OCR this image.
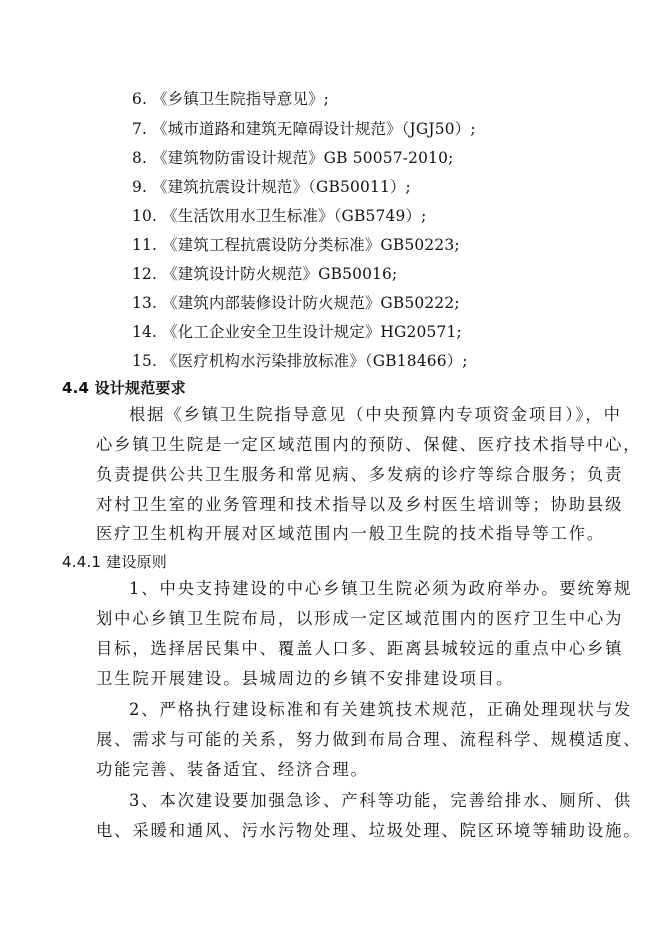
6. 《乡镇卫生院指导意见》;
7. 《城市道路和建筑无障碍设计规范》（JGJ50）;
8. 《建筑物防雷设计规范》GB 50057-2010;
9. 《建筑抗震设计规范》（GB50011）;
10. 《生活饮用水卫生标准》（GB5749）;
11. 《建筑工程抗震设防分类标准》GB50223;
12. 《建筑设计防火规范》GB50016;
13. 《建筑内部装修设计防火规范》GB50222;
14. 《化工企业安全卫生设计规定》HG20571;
15. 《医疗机构水污染排放标准》（GB18466）;
4.4 设计规范要求
根据《乡镇卫生院指导意见（中央预算内专项资金项目）》，中
心乡镇卫生院是一定区域范围内的预防、保健、医疗技术指导中心，
负责提供公共卫生服务和常见病、多发病的诊疗等综合服务；负责
对村卫生室的业务管理和技术指导以及乡村医生培训等；协助县级
医疗卫生机构开展对区域范围内一般卫生院的技术指导等工作。
4.4.1 建设原则
1、中央支持建设的中心乡镇卫生院必须为政府举办。要统筹规
划中心乡镇卫生院布局，以形成一定区域范围内的医疗卫生中心为
目标，选择居民集中、覆盖人口多、距离县城较远的重点中心乡镇
卫生院开展建设。县城周边的乡镇不安排建设项目。
2、严格执行建设标准和有关建筑技术规范，正确处理现状与发
展、需求与可能的关系，努力做到布局合理、流程科学、规模适度、
功能完善、装备适宜、经济合理。
3、本次建设要加强急诊、产科等功能，完善给排水、厕所、供
电、采暖和通风、污水污物处理、垃圾处理、院区环境等辅助设施。
